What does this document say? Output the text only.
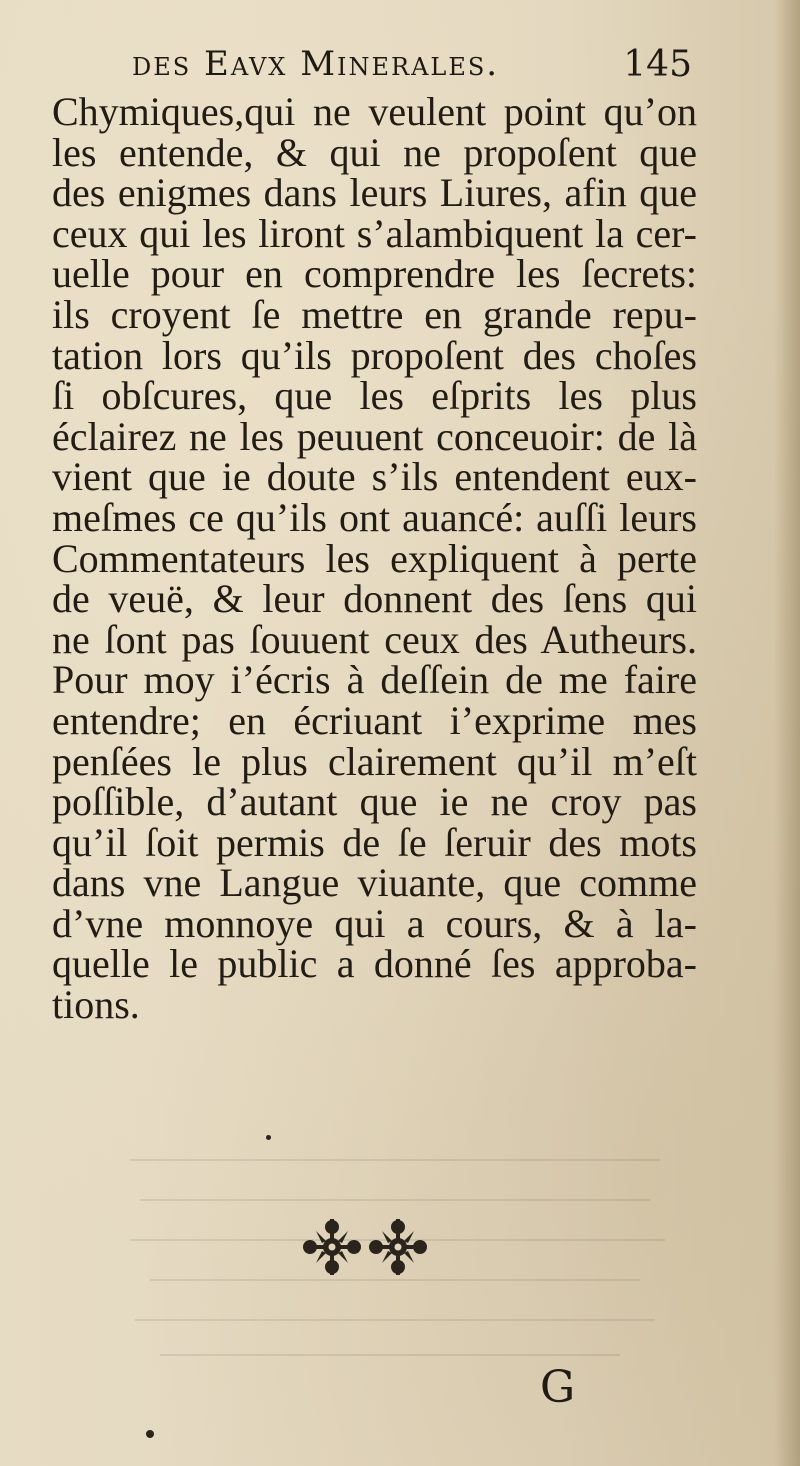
des Eavx Minerales.	145
Chymiques,qui ne veulent point qu’on
les entende, & qui ne propoſent que
des enigmes dans leurs Liures, afin que
ceux qui les liront s’alambiquent la cer-
uelle pour en comprendre les ſecrets:
ils croyent ſe mettre en grande repu-
tation lors qu’ils propoſent des choſes
ſi obſcures, que les eſprits les plus
éclairez ne les peuuent conceuoir: de là
vient que ie doute s’ils entendent eux-
meſmes ce qu’ils ont auancé: auſſi leurs
Commentateurs les expliquent à perte
de veuë, & leur donnent des ſens qui
ne ſont pas ſouuent ceux des Autheurs.
Pour moy i’écris à deſſein de me faire
entendre; en écriuant i’exprime mes
penſées le plus clairement qu’il m’eſt
poſſible, d’autant que ie ne croy pas
qu’il ſoit permis de ſe ſeruir des mots
dans vne Langue viuante, que comme
d’vne monnoye qui a cours, & à la-
quelle le public a donné ſes approba-
tions.
G
